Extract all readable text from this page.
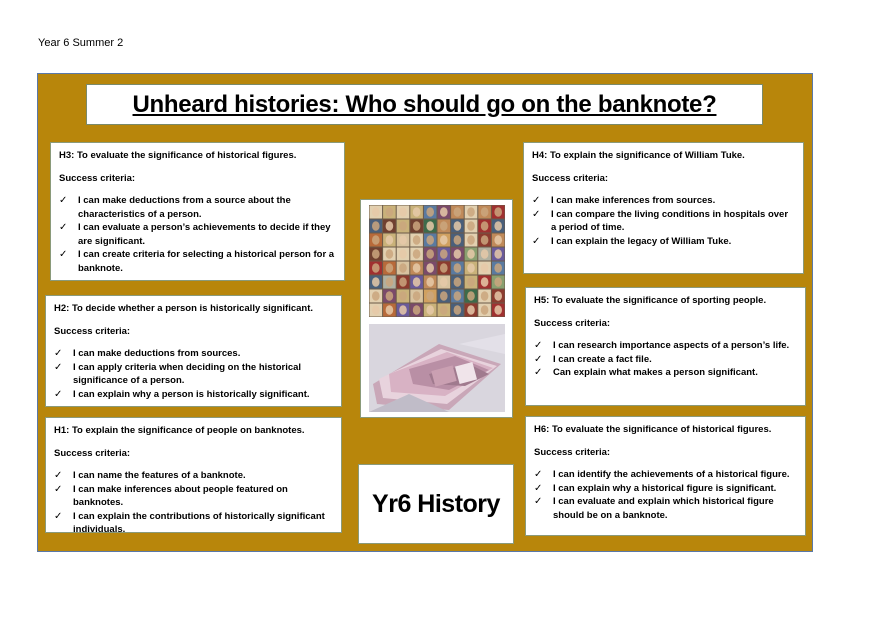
Year 6 Summer 2
Unheard histories: Who should go on the banknote?
H3: To evaluate the significance of historical figures.
Success criteria:
✓ I can make deductions from a source about the characteristics of a person.
✓ I can evaluate a person’s achievements to decide if they are significant.
✓ I can create criteria for selecting a historical person for a banknote.
H2: To decide whether a person is historically significant.
Success criteria:
✓ I can make deductions from sources.
✓ I can apply criteria when deciding on the historical significance of a person.
✓ I can explain why a person is historically significant.
H1: To explain the significance of people on banknotes.
Success criteria:
✓ I can name the features of a banknote.
✓ I can make inferences about people featured on banknotes.
✓ I can explain the contributions of historically significant individuals.
H4: To explain the significance of William Tuke.
Success criteria:
✓ I can make inferences from sources.
✓ I can compare the living conditions in hospitals over a period of time.
✓ I can explain the legacy of William Tuke.
H5: To evaluate the significance of sporting people.
Success criteria:
✓ I can research importance aspects of a person’s life.
✓ I can create a fact file.
✓ Can explain what makes a person significant.
H6: To evaluate the significance of historical figures.
Success criteria:
✓ I can identify the achievements of a historical figure.
✓ I can explain why a historical figure is significant.
✓ I can evaluate and explain which historical figure should be on a banknote.
Yr6 History
